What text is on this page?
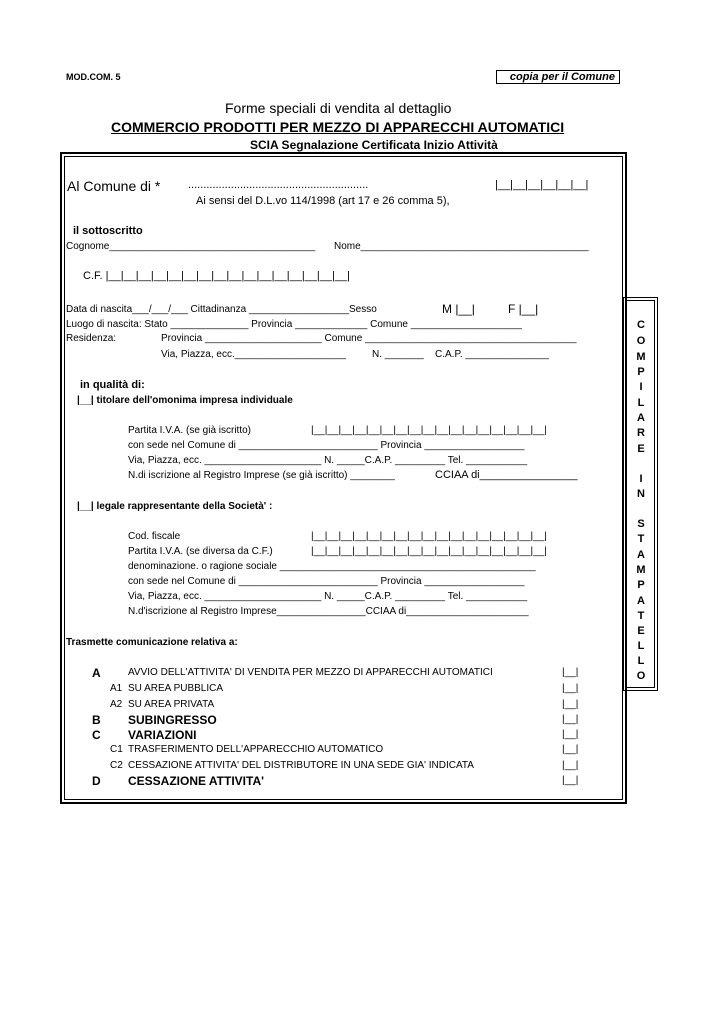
MOD.COM. 5	copia per il Comune
Forme speciali di vendita al dettaglio
COMMERCIO PRODOTTI PER MEZZO DI APPARECCHI AUTOMATICI
SCIA Segnalazione Certificata Inizio Attività
Al Comune di *	...........................................................	|__|__|__|__|__|__|
Ai sensi del D.L.vo 114/1998 (art 17 e 26 comma 5),
il sottoscritto
Cognome_____________________________________ Nome_________________________________________
C.F. |__|__|__|__|__|__|__|__|__|__|__|__|__|__|__|__|
Data di nascita___/___/___ Cittadinanza __________________Sesso	M |__|	F |__|
Luogo di nascita: Stato ______________ Provincia _____________ Comune ____________________
Residenza:	Provincia _____________________ Comune ______________________________________
Via, Piazza, ecc.____________________	N. _______ C.A.P. _______________
in qualità di:
|__| titolare dell'omonima impresa individuale
Partita I.V.A. (se già iscritto)	|__|__|__|__|__|__|__|__|__|__|__|__|__|__|__|__|__|
con sede nel Comune di _________________________ Provincia __________________
Via, Piazza, ecc. _____________________ N. _____C.A.P. _________ Tel. ___________
N.di iscrizione al Registro Imprese (se già iscritto) ________	CCIAA di________________
|__| legale rappresentante della Società' :
Cod. fiscale	|__|__|__|__|__|__|__|__|__|__|__|__|__|__|__|__|__|
Partita I.V.A. (se diversa da C.F.)	|__|__|__|__|__|__|__|__|__|__|__|__|__|__|__|__|__|
denominazione. o ragione sociale ______________________________________________
con sede nel Comune di _________________________ Provincia __________________
Via, Piazza, ecc. _____________________ N. _____C.A.P. _________ Tel. ___________
N.d'iscrizione al Registro Imprese________________CCIAA di______________________
Trasmette comunicazione relativa a:
A	AVVIO DELL'ATTIVITA' DI VENDITA PER MEZZO DI APPARECCHI AUTOMATICI	|__|
A1 SU AREA PUBBLICA	|__|
A2 SU AREA PRIVATA	|__|
B SUBINGRESSO	|__|
C VARIAZIONI	|__|
C1 TRASFERIMENTO DELL'APPARECCHIO AUTOMATICO	|__|
C2 CESSAZIONE ATTIVITA' DEL DISTRIBUTORE IN UNA SEDE GIA' INDICATA	|__|
D CESSAZIONE ATTIVITA'	|__|
C
O
M
P
I
L
A
R
E
I
N
S
T
A
M
P
A
T
E
L
L
O
